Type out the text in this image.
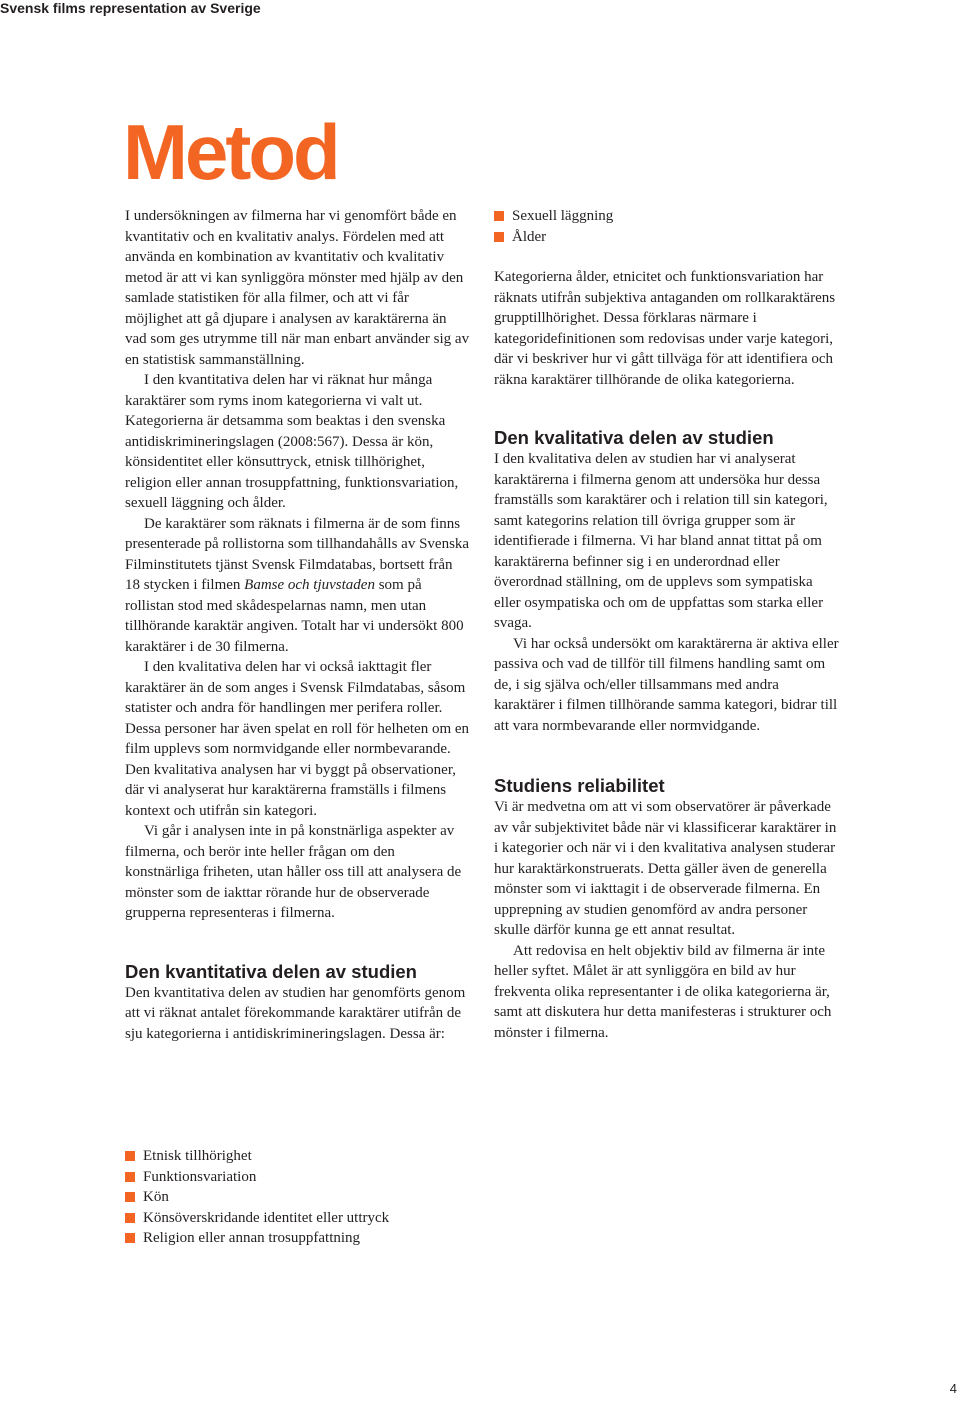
Svensk films representation av Sverige
Metod

I undersökningen av filmerna har vi genomfört både en kvantitativ och en kvalitativ analys. Fördelen med att använda en kombination av kvantitativ och kvalitativ metod är att vi kan synliggöra mönster med hjälp av den samlade statistiken för alla filmer, och att vi får möjlighet att gå djupare i analysen av karaktärerna än vad som ges utrymme till när man enbart använder sig av en statistisk sammanställning.

I den kvantitativa delen har vi räknat hur många karaktärer som ryms inom kategorierna vi valt ut. Kategorierna är detsamma som beaktas i den svenska antidiskrimineringslagen (2008:567). Dessa är kön, könsidentitet eller könsuttryck, etnisk tillhörighet, religion eller annan trosuppfattning, funktionsvariation, sexuell läggning och ålder.

De karaktärer som räknats i filmerna är de som finns presenterade på rollistorna som tillhandahålls av Svenska Filminstitutets tjänst Svensk Filmdatabas, bortsett från 18 stycken i filmen Bamse och tjuvstaden som på rollistan stod med skådespelarnas namn, men utan tillhörande karaktär angiven. Totalt har vi undersökt 800 karaktärer i de 30 filmerna.

I den kvalitativa delen har vi också iakttagit fler karaktärer än de som anges i Svensk Filmdatabas, såsom statister och andra för handlingen mer perifera roller. Dessa personer har även spelat en roll för helheten om en film upplevs som normvidgande eller normbevarande. Den kvalitativa analysen har vi byggt på observationer, där vi analyserat hur karaktärerna framställs i filmens kontext och utifrån sin kategori.

Vi går i analysen inte in på konstnärliga aspekter av filmerna, och berör inte heller frågan om den konstnärliga friheten, utan håller oss till att analysera de mönster som de iakttar rörande hur de observerade grupperna representeras i filmerna.

Den kvantitativa delen av studien

Den kvantitativa delen av studien har genomförts genom att vi räknat antalet förekommande karaktärer utifrån de sju kategorierna i antidiskrimineringslagen. Dessa är:

Etnisk tillhörighet
Funktionsvariation
Kön
Könsöverskridande identitet eller uttryck
Religion eller annan trosuppfattning
Sexuell läggning
Ålder

Kategorierna ålder, etnicitet och funktionsvariation har räknats utifrån subjektiva antaganden om rollkaraktärens grupptillhörighet. Dessa förklaras närmare i kategoridefinitionen som redovisas under varje kategori, där vi beskriver hur vi gått tillväga för att identifiera och räkna karaktärer tillhörande de olika kategorierna.

Den kvalitativa delen av studien

I den kvalitativa delen av studien har vi analyserat karaktärerna i filmerna genom att undersöka hur dessa framställs som karaktärer och i relation till sin kategori, samt kategorins relation till övriga grupper som är identifierade i filmerna. Vi har bland annat tittat på om karaktärerna befinner sig i en underordnad eller överordnad ställning, om de upplevs som sympatiska eller osympatiska och om de uppfattas som starka eller svaga.

Vi har också undersökt om karaktärerna är aktiva eller passiva och vad de tillför till filmens handling samt om de, i sig själva och/eller tillsammans med andra karaktärer i filmen tillhörande samma kategori, bidrar till att vara normbevarande eller normvidgande.

Studiens reliabilitet

Vi är medvetna om att vi som observatörer är påverkade av vår subjektivitet både när vi klassificerar karaktärer in i kategorier och när vi i den kvalitativa analysen studerar hur karaktärkonstruerats. Detta gäller även de generella mönster som vi iakttagit i de observerade filmerna. En upprepning av studien genomförd av andra personer skulle därför kunna ge ett annat resultat.

Att redovisa en helt objektiv bild av filmerna är inte heller syftet. Målet är att synliggöra en bild av hur frekventa olika representanter i de olika kategorierna är, samt att diskutera hur detta manifesteras i strukturer och mönster i filmerna.

4
